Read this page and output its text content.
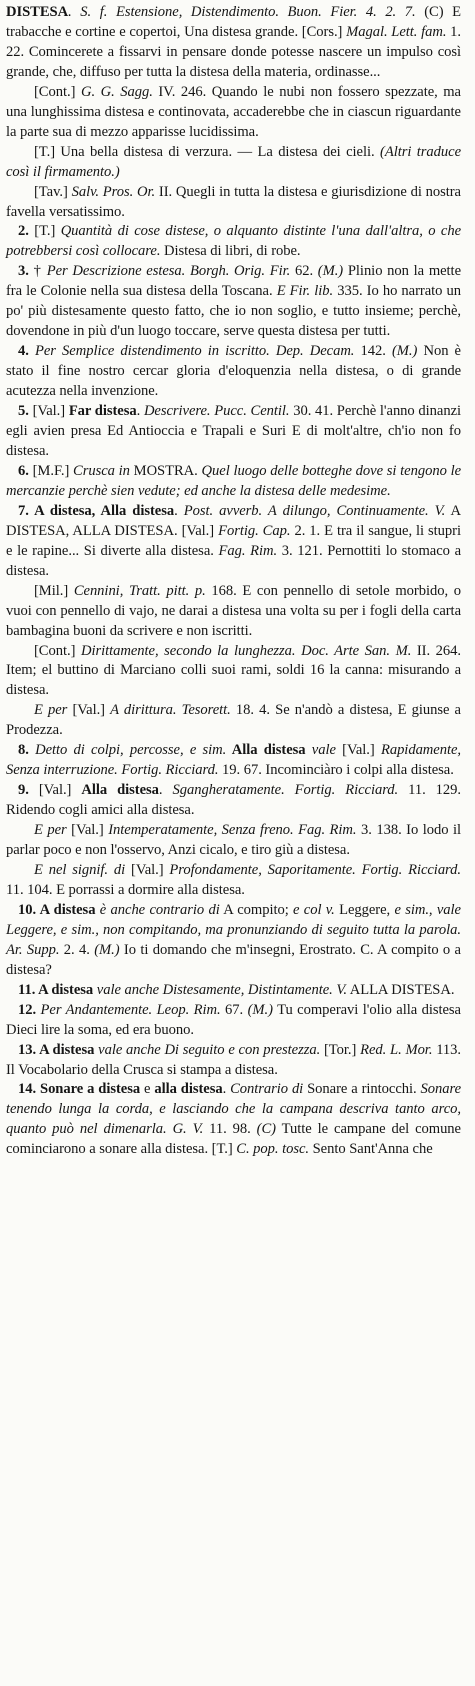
DISTESA. S. f. Estensione, Distendimento. Buon. Fier. 4. 2. 7. (C) E trabacche e cortine e copertoi, Una distesa grande. [Cors.] Magal. Lett. fam. 1. 22. Comincerete a fissarvi in pensare donde potesse nascere un impulso così grande, che, diffuso per tutta la distesa della materia, ordinasse...

[Cont.] G. G. Sagg. IV. 246. Quando le nubi non fossero spezzate, ma una lunghissima distesa e continovata, accaderebbe che in ciascun riguardante la parte sua di mezzo apparisse lucidissima.

[T.] Una bella distesa di verzura. — La distesa dei cieli. (Altri traduce così il firmamento.)

[Tav.] Salv. Pros. Or. II. Quegli in tutta la distesa e giurisdizione di nostra favella versatissimo.

2. [T.] Quantità di cose distese, o alquanto distinte l'una dall'altra, o che potrebbersi così collocare. Distesa di libri, di robe.

3. † Per Descrizione estesa. Borgh. Orig. Fir. 62. (M.) Plinio non la mette fra le Colonie nella sua distesa della Toscana. E Fir. lib. 335. Io ho narrato un po' più distesamente questo fatto, che io non soglio, e tutto insieme; perchè, dovendone in più d'un luogo toccare, serve questa distesa per tutti.

4. Per Semplice distendimento in iscritto. Dep. Decam. 142. (M.) Non è stato il fine nostro cercar gloria d'eloquenzia nella distesa, o di grande acutezza nella invenzione.

5. [Val.] Far distesa. Descrivere. Pucc. Centil. 30. 41. Perchè l'anno dinanzi egli avien presa Ed Antioccia e Trapali e Suri E di molt'altre, ch'io non fo distesa.

6. [M.F.] Crusca in MOSTRA. Quel luogo delle botteghe dove si tengono le mercanzie perchè sien vedute; ed anche la distesa delle medesime.

7. A distesa, Alla distesa. Post. avverb. A dilungo, Continuamente. V. A DISTESA, ALLA DISTESA. [Val.] Fortig. Cap. 2. 1. E tra il sangue, li stupri e le rapine... Si diverte alla distesa. Fag. Rim. 3. 121. Pernottiti lo stomaco a distesa.

[Mil.] Cennini, Tratt. pitt. p. 168. E con pennello di setole morbido, o vuoi con pennello di vajo, ne darai a distesa una volta su per i fogli della carta bambagina buoni da scrivere e non iscritti.

[Cont.] Dirittamente, secondo la lunghezza. Doc. Arte San. M. II. 264. Item; el buttino di Marciano colli suoi rami, soldi 16 la canna: misurando a distesa.

E per [Val.] A dirittura. Tesorett. 18. 4. Se n'andò a distesa, E giunse a Prodezza.

8. Detto di colpi, percosse, e sim. Alla distesa vale [Val.] Rapidamente, Senza interruzione. Fortig. Ricciard. 19. 67. Incominciàro i colpi alla distesa.

9. [Val.] Alla distesa. Sgangheratamente. Fortig. Ricciard. 11. 129. Ridendo cogli amici alla distesa.

E per [Val.] Intemperatamente, Senza freno. Fag. Rim. 3. 138. Io lodo il parlar poco e non l'osservo, Anzi cicalo, e tiro giù a distesa.

E nel signif. di [Val.] Profondamente, Saporitamente. Fortig. Ricciard. 11. 104. E porrassi a dormire alla distesa.

10. A distesa è anche contrario di A compito; e col v. Leggere, e sim., vale Leggere, e sim., non compitando, ma pronunziando di seguito tutta la parola. Ar. Supp. 2. 4. (M.) Io ti domando che m'insegni, Erostrato. C. A compito o a distesa?

11. A distesa vale anche Distesamente, Distintamente. V. ALLA DISTESA.

12. Per Andantemente. Leop. Rim. 67. (M.) Tu comperavi l'olio alla distesa Dieci lire la soma, ed era buono.

13. A distesa vale anche Di seguito e con prestezza. [Tor.] Red. L. Mor. 113. Il Vocabolario della Crusca si stampa a distesa.

14. Sonare a distesa e alla distesa. Contrario di Sonare a rintocchi. Sonare tenendo lunga la corda, e lasciando che la campana descriva tanto arco, quanto può nel dimenarla. G. V. 11. 98. (C) Tutte le campane del comune cominciarono a sonare alla distesa. [T.] C. pop. tosc. Sento Sant'Anna che
